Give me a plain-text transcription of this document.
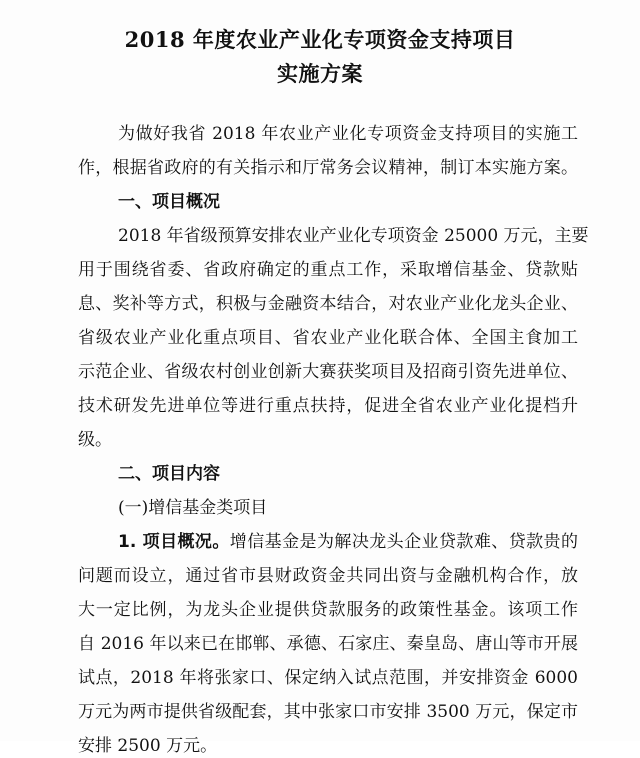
2018 年度农业产业化专项资金支持项目
实施方案
为做好我省 2018 年农业产业化专项资金支持项目的实施工
作，根据省政府的有关指示和厅常务会议精神，制订本实施方案。
一、项目概况
2018 年省级预算安排农业产业化专项资金 25000 万元，主要
用于围绕省委、省政府确定的重点工作，采取增信基金、贷款贴
息、奖补等方式，积极与金融资本结合，对农业产业化龙头企业、
省级农业产业化重点项目、省农业产业化联合体、全国主食加工
示范企业、省级农村创业创新大赛获奖项目及招商引资先进单位、
技术研发先进单位等进行重点扶持，促进全省农业产业化提档升
级。
二、项目内容
(一)增信基金类项目
1. 项目概况。增信基金是为解决龙头企业贷款难、贷款贵的
问题而设立，通过省市县财政资金共同出资与金融机构合作，放
大一定比例，为龙头企业提供贷款服务的政策性基金。该项工作
自 2016 年以来已在邯郸、承德、石家庄、秦皇岛、唐山等市开展
试点，2018 年将张家口、保定纳入试点范围，并安排资金 6000
万元为两市提供省级配套，其中张家口市安排 3500 万元，保定市
安排 2500 万元。
